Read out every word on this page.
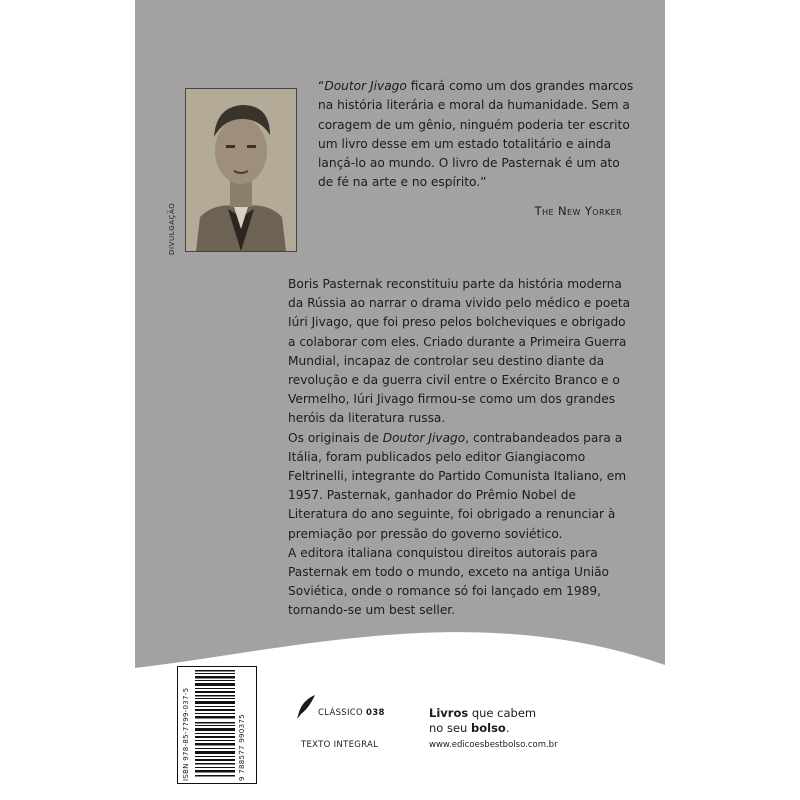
DIVULGAÇÃO
“Doutor Jivago ficará como um dos grandes marcos na história literária e moral da humanidade. Sem a coragem de um gênio, ninguém poderia ter escrito um livro desse em um estado totalitário e ainda lançá-lo ao mundo. O livro de Pasternak é um ato de fé na arte e no espírito.”
The New Yorker

Boris Pasternak reconstituiu parte da história moderna da Rússia ao narrar o drama vivido pelo médico e poeta Iúri Jivago, que foi preso pelos bolcheviques e obrigado a colaborar com eles. Criado durante a Primeira Guerra Mundial, incapaz de controlar seu destino diante da revolução e da guerra civil entre o Exército Branco e o Vermelho, Iúri Jivago firmou-se como um dos grandes heróis da literatura russa.

Os originais de Doutor Jivago, contrabandeados para a Itália, foram publicados pelo editor Giangiacomo Feltrinelli, integrante do Partido Comunista Italiano, em 1957. Pasternak, ganhador do Prêmio Nobel de Literatura do ano seguinte, foi obrigado a renunciar à premiação por pressão do governo soviético.

A editora italiana conquistou direitos autorais para Pasternak em todo o mundo, exceto na antiga União Soviética, onde o romance só foi lançado em 1989, tornando-se um best seller.

ISBN 978-85-7799-037-5	9 788577 990375
CLÁSSICO 038
TEXTO INTEGRAL
Livros que cabem
no seu bolso.
www.edicoesbestbolso.com.br
